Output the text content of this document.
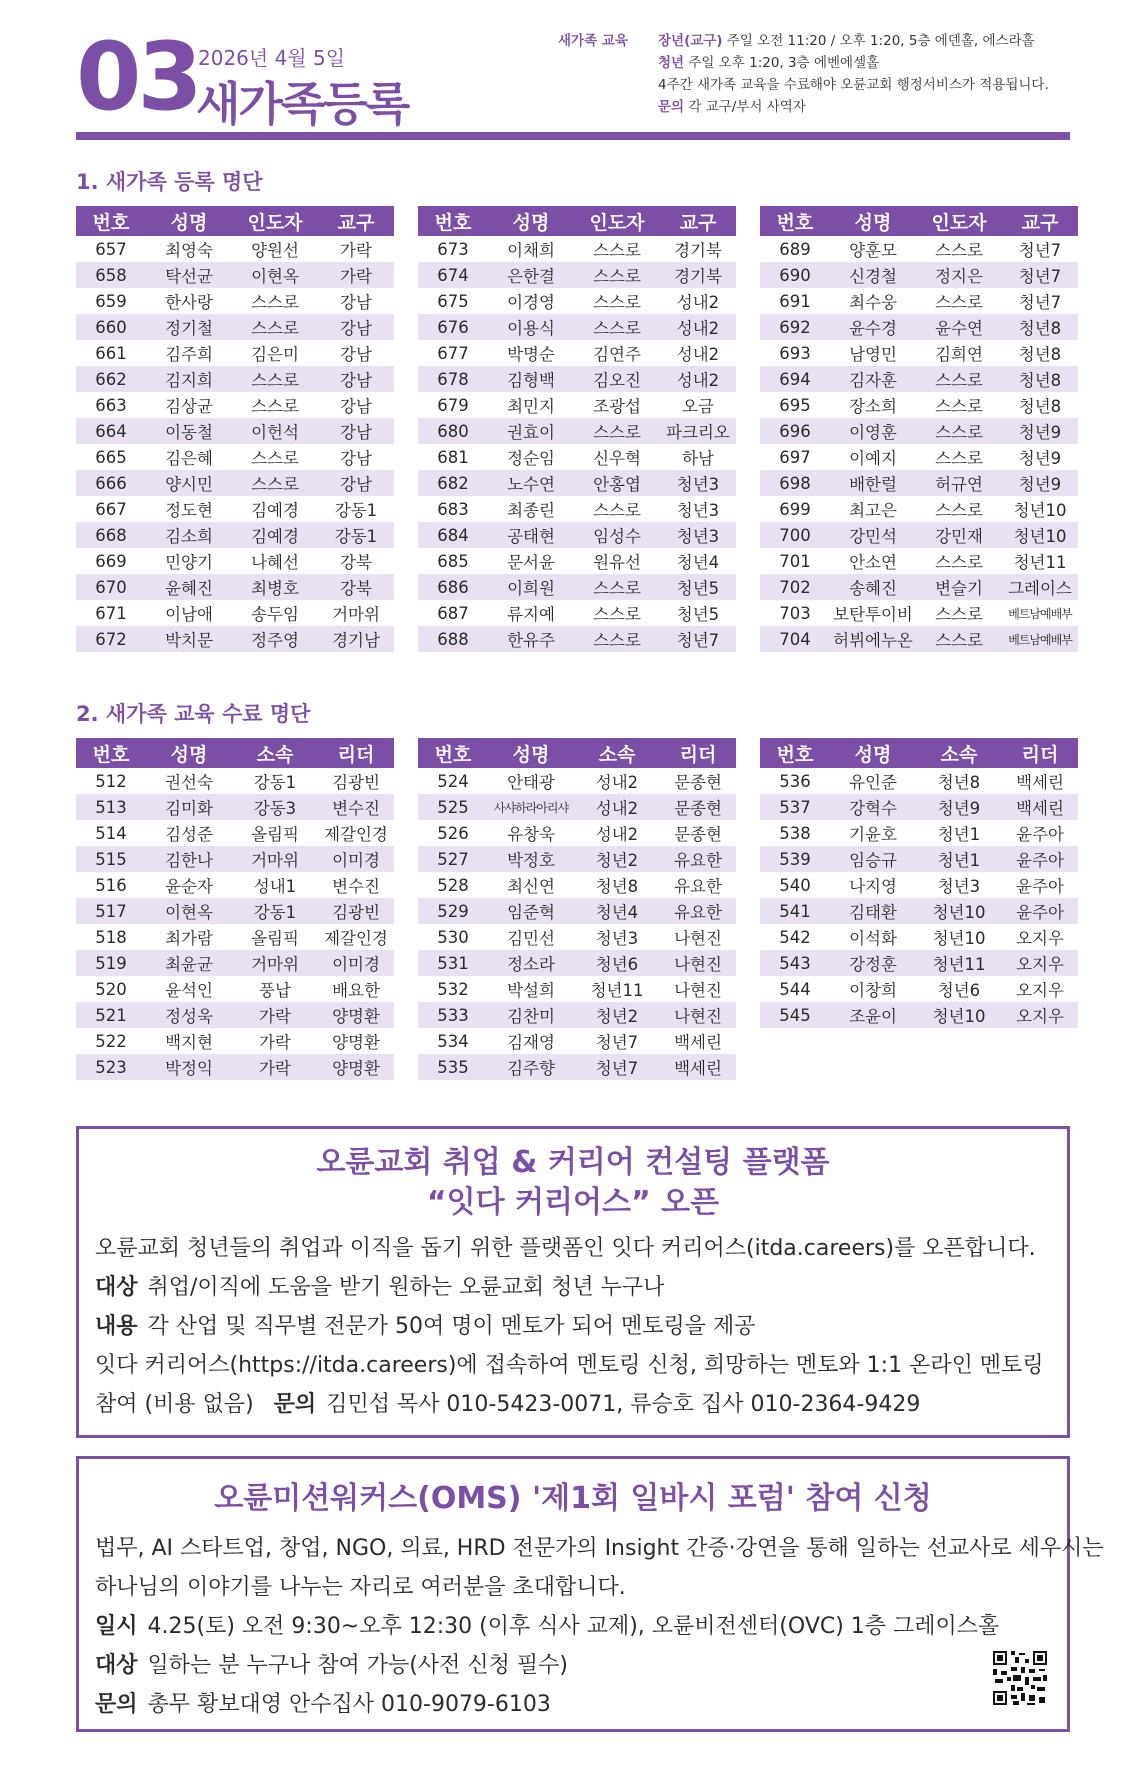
03 2026년 4월 5일
새가족등록
새가족 교육 장년(교구) 주일 오전 11:20 / 오후 1:20, 5층 에덴홀, 에스라홀
청년 주일 오후 1:20, 3층 에벤에셀홀
4주간 새가족 교육을 수료해야 오륜교회 행정서비스가 적용됩니다.
문의 각 교구/부서 사역자
1. 새가족 등록 명단
번호	성명	인도자	교구
657	최영숙	양원선	가락
658	탁선균	이현옥	가락
659	한사랑	스스로	강남
660	정기철	스스로	강남
661	김주희	김은미	강남
662	김지희	스스로	강남
663	김상균	스스로	강남
664	이동철	이헌석	강남
665	김은혜	스스로	강남
666	양시민	스스로	강남
667	정도현	김예경	강동1
668	김소희	김예경	강동1
669	민양기	나혜선	강북
670	윤혜진	최병호	강북
671	이남애	송두임	거마위
672	박치문	정주영	경기남
번호	성명	인도자	교구
673	이채희	스스로	경기북
674	은한결	스스로	경기북
675	이경영	스스로	성내2
676	이용식	스스로	성내2
677	박명순	김연주	성내2
678	김형백	김오진	성내2
679	최민지	조광섭	오금
680	권효이	스스로	파크리오
681	정순임	신우혁	하남
682	노수연	안홍엽	청년3
683	최종린	스스로	청년3
684	공태현	임성수	청년3
685	문서윤	원유선	청년4
686	이희원	스스로	청년5
687	류지예	스스로	청년5
688	한유주	스스로	청년7
번호	성명	인도자	교구
689	양훈모	스스로	청년7
690	신경철	정지은	청년7
691	최수웅	스스로	청년7
692	윤수경	윤수연	청년8
693	남영민	김희연	청년8
694	김자훈	스스로	청년8
695	장소희	스스로	청년8
696	이영훈	스스로	청년9
697	이예지	스스로	청년9
698	배한럴	허규연	청년9
699	최고은	스스로	청년10
700	강민석	강민재	청년10
701	안소연	스스로	청년11
702	송혜진	변슬기	그레이스
703	보탄투이비	스스로	베트남예배부
704	허뷔에누온	스스로	베트남예배부
2. 새가족 교육 수료 명단
번호	성명	소속	리더
512	권선숙	강동1	김광빈
513	김미화	강동3	변수진
514	김성준	올림픽	제갈인경
515	김한나	거마위	이미경
516	윤순자	성내1	변수진
517	이현옥	강동1	김광빈
518	최가람	올림픽	제갈인경
519	최윤균	거마위	이미경
520	윤석인	풍납	배요한
521	정성욱	가락	양명환
522	백지현	가락	양명환
523	박정익	가락	양명환
번호	성명	소속	리더
524	안태광	성내2	문종현
525	사샤하라아리샤	성내2	문종현
526	유창욱	성내2	문종현
527	박정호	청년2	유요한
528	최신연	청년8	유요한
529	임준혁	청년4	유요한
530	김민선	청년3	나현진
531	정소라	청년6	나현진
532	박설희	청년11	나현진
533	김찬미	청년2	나현진
534	김재영	청년7	백세린
535	김주향	청년7	백세린
번호	성명	소속	리더
536	유인준	청년8	백세린
537	강혁수	청년9	백세린
538	기윤호	청년1	윤주아
539	임승규	청년1	윤주아
540	나지영	청년3	윤주아
541	김태환	청년10	윤주아
542	이석화	청년10	오지우
543	강정훈	청년11	오지우
544	이창희	청년6	오지우
545	조윤이	청년10	오지우
오륜교회 취업 & 커리어 컨설팅 플랫폼
“잇다 커리어스” 오픈
오륜교회 청년들의 취업과 이직을 돕기 위한 플랫폼인 잇다 커리어스(itda.careers)를 오픈합니다.
대상 취업/이직에 도움을 받기 원하는 오륜교회 청년 누구나
내용 각 산업 및 직무별 전문가 50여 명이 멘토가 되어 멘토링을 제공
잇다 커리어스(https://itda.careers)에 접속하여 멘토링 신청, 희망하는 멘토와 1:1 온라인 멘토링
참여 (비용 없음) 문의 김민섭 목사 010-5423-0071, 류승호 집사 010-2364-9429
오륜미션워커스(OMS) '제1회 일바시 포럼' 참여 신청
법무, AI 스타트업, 창업, NGO, 의료, HRD 전문가의 Insight 간증·강연을 통해 일하는 선교사로 세우시는
하나님의 이야기를 나누는 자리로 여러분을 초대합니다.
일시 4.25(토) 오전 9:30~오후 12:30 (이후 식사 교제), 오륜비전센터(OVC) 1층 그레이스홀
대상 일하는 분 누구나 참여 가능(사전 신청 필수)
문의 총무 황보대영 안수집사 010-9079-6103
